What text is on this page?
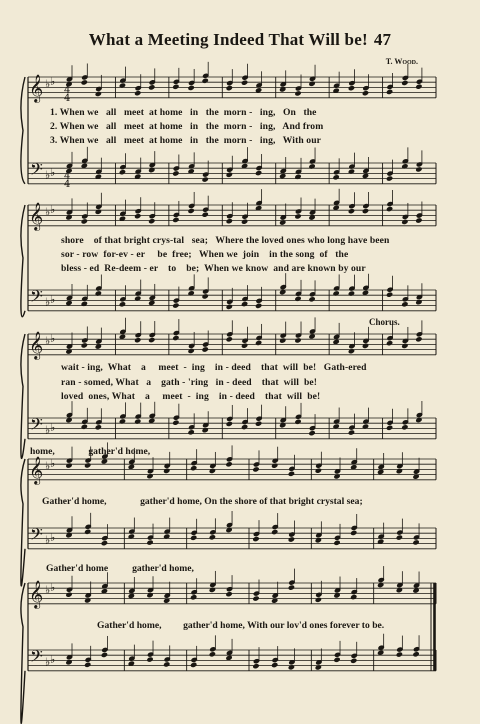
𝄞
𝄢
♭ ♭
♭ ♭
4
4
4
4
𝄞
𝄢
♭ ♭
♭ ♭
𝄞
𝄢
♭ ♭
♭ ♭
𝄞
𝄢
♭ ♭
♭ ♭
𝄞
𝄢
♭ ♭
♭ ♭
What a Meeting Indeed That Will be! 47
T. Wood.
1. When we   all   meet  at home   in   the  morn -   ing,   On   the
2. When we   all   meet  at home   in   the  morn -   ing,   And from
3. When we   all   meet  at home   in   the  morn -   ing,   With our
shore    of that bright crys-tal   sea;   Where the loved ones who long have been
sor - row  for-ev - er     be  free;   When we  join    in the song  of   the
bless - ed  Re-deem - er    to    be;  When we know  and are known by our
Chorus.
wait - ing,  What    a     meet  -  ing    in - deed    that  will  be!   Gath-ered
ran - somed, What   a    gath - 'ring   in - deed    that  will  be!
loved  ones, What    a     meet  -  ing    in - deed    that  will  be!
home,              gather'd home,
Gather'd home,              gather'd home, On the shore of that bright crystal sea;
Gather'd home          gather'd home,
Gather'd home,         gather'd home, With our lov'd ones forever to be.
